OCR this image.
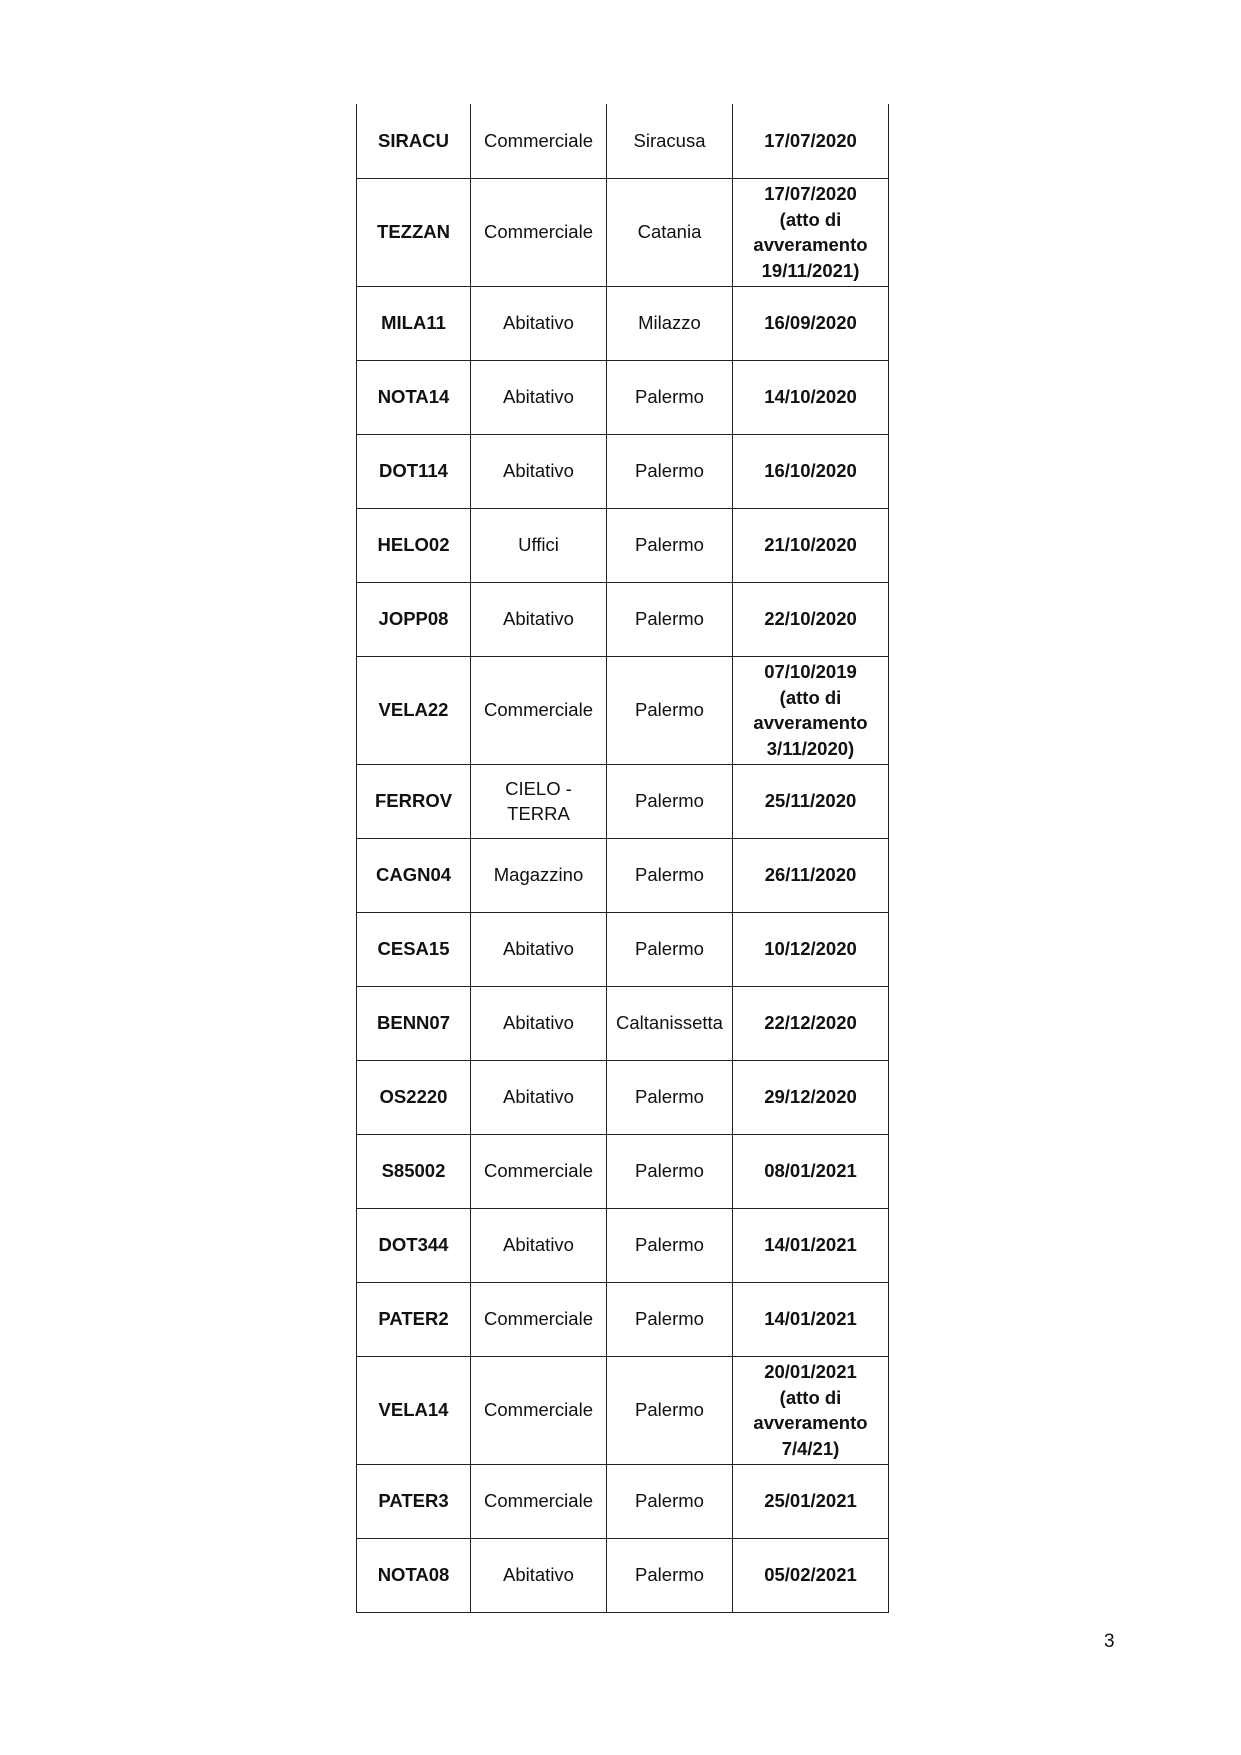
SIRACU	Commerciale	Siracusa	17/07/2020

TEZZAN	Commerciale	Catania	17/07/2020
(atto di
avveramento
19/11/2021)

MILA11	Abitativo	Milazzo	16/09/2020

NOTA14	Abitativo	Palermo	14/10/2020

DOT114	Abitativo	Palermo	16/10/2020

HELO02	Uffici	Palermo	21/10/2020

JOPP08	Abitativo	Palermo	22/10/2020

VELA22	Commerciale	Palermo	07/10/2019
(atto di
avveramento
3/11/2020)

FERROV	CIELO - TERRA	Palermo	25/11/2020

CAGN04	Magazzino	Palermo	26/11/2020

CESA15	Abitativo	Palermo	10/12/2020

BENN07	Abitativo	Caltanissetta	22/12/2020

OS2220	Abitativo	Palermo	29/12/2020

S85002	Commerciale	Palermo	08/01/2021

DOT344	Abitativo	Palermo	14/01/2021

PATER2	Commerciale	Palermo	14/01/2021

VELA14	Commerciale	Palermo	20/01/2021
(atto di
avveramento
7/4/21)

PATER3	Commerciale	Palermo	25/01/2021

NOTA08	Abitativo	Palermo	05/02/2021
3
